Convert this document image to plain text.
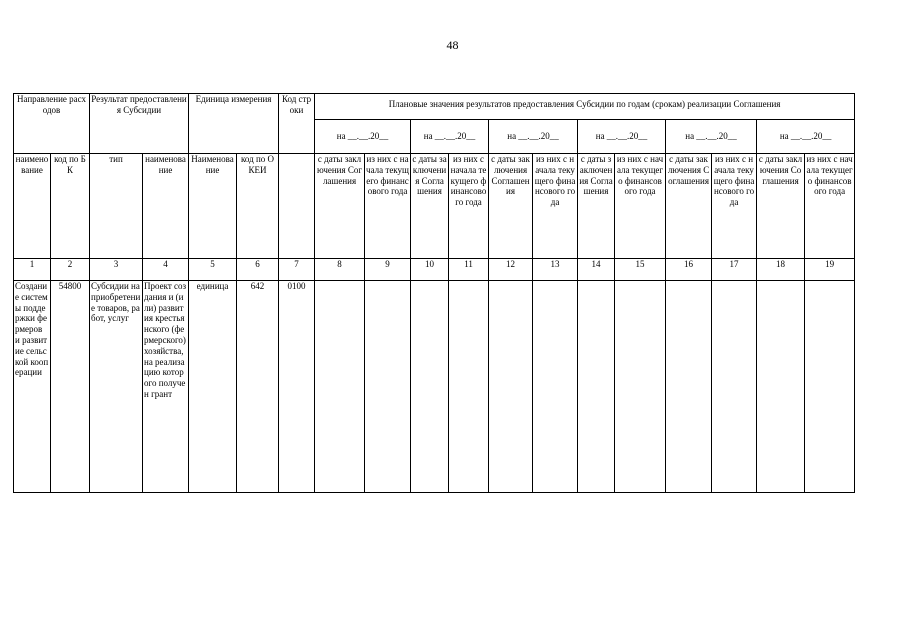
48
Направление расходов		Результат предоставления Субсидии		Единица измерения		Код строки	Плановые значения результатов предоставления Субсидии по годам (срокам) реализации Соглашения											
							на __.__.20__		на __.__.20__		на __.__.20__		на __.__.20__		на __.__.20__		на __.__.20__	
наименование	код по БК	тип	наименование	Наименование	код по ОКЕИ		с даты заключения Соглашения	из них с начала текущего финансового года	с даты заключения Соглашения	из них с начала текущего финансового года	с даты заключения Соглашения	из них с начала текущего финансового года	с даты заключения Соглашения	из них с начала текущего финансового года	с даты заключения Соглашения	из них с начала текущего финансового года	с даты заключения Соглашения	из них с начала текущего финансового года
1	2	3	4	5	6	7	8	9	10	11	12	13	14	15	16	17	18	19
Создание системы поддержки фермеров и развитие сельской кооперации	54800	Субсидии на приобретение товаров, работ, услуг	Проект создания и (или) развития крестьянского (фермерского) хозяйства, на реализацию которого получен грант	единица	642	0100												
